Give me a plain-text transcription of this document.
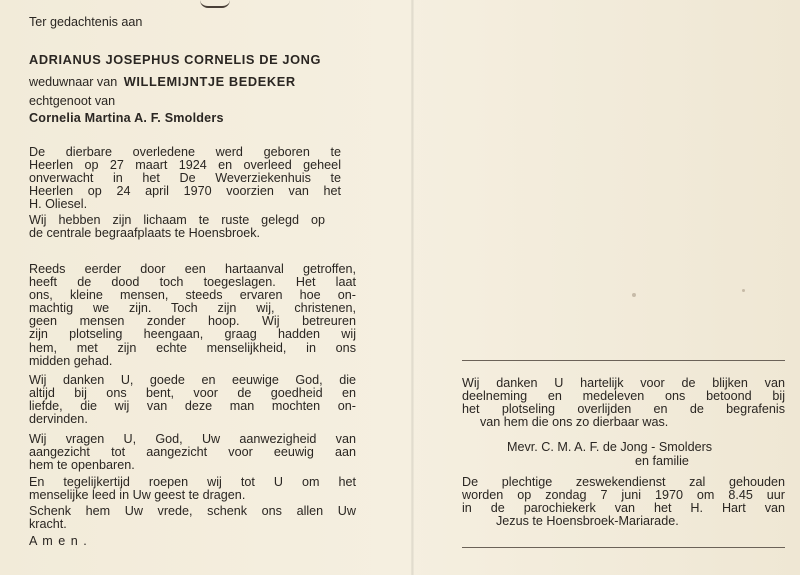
Ter gedachtenis aan
ADRIANUS JOSEPHUS CORNELIS DE JONG
weduwnaar van WILLEMIJNTJE BEDEKER
echtgenoot van
Cornelia Martina A. F. Smolders
De dierbare overledene werd geboren te
Heerlen op 27 maart 1924 en overleed geheel
onverwacht in het De Weverziekenhuis te
Heerlen op 24 april 1970 voorzien van het
H. Oliesel.
Wij hebben zijn lichaam te ruste gelegd op
de centrale begraafplaats te Hoensbroek.
Reeds eerder door een hartaanval getroffen,
heeft de dood toch toegeslagen. Het laat
ons, kleine mensen, steeds ervaren hoe on-
machtig we zijn. Toch zijn wij, christenen,
geen mensen zonder hoop. Wij betreuren
zijn plotseling heengaan, graag hadden wij
hem, met zijn echte menselijkheid, in ons
midden gehad.
Wij danken U, goede en eeuwige God, die
altijd bij ons bent, voor de goedheid en
liefde, die wij van deze man mochten on-
dervinden.
Wij vragen U, God, Uw aanwezigheid van
aangezicht tot aangezicht voor eeuwig aan
hem te openbaren.
En tegelijkertijd roepen wij tot U om het
menselijke leed in Uw geest te dragen.
Schenk hem Uw vrede, schenk ons allen Uw
kracht.
A m e n .
Wij danken U hartelijk voor de blijken van
deelneming en medeleven ons betoond bij
het plotseling overlijden en de begrafenis
van hem die ons zo dierbaar was.
Mevr. C. M. A. F. de Jong - Smolders
en familie
De plechtige zeswekendienst zal gehouden
worden op zondag 7 juni 1970 om 8.45 uur
in de parochiekerk van het H. Hart van
Jezus te Hoensbroek-Mariarade.
